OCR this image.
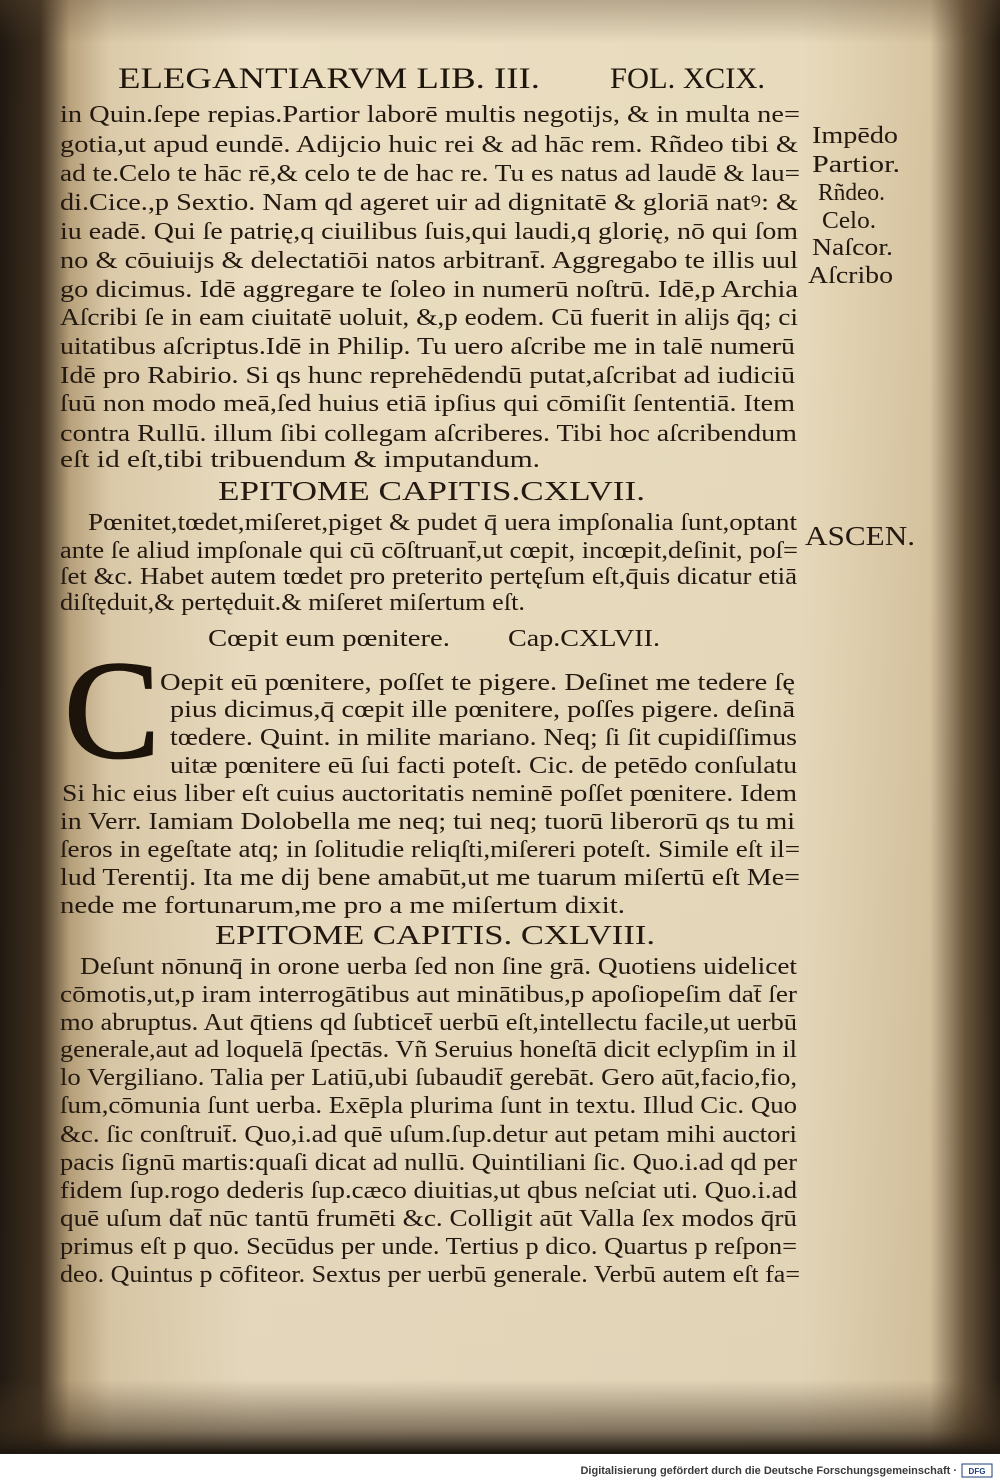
ELEGANTIARVM LIB. III. FOL. XCIX.
in Quin.ſepe repias.Partior laborē multis negotijs, & in multa ne=
gotia,ut apud eundē. Adijcio huic rei & ad hāc rem. Rñdeo tibi &
ad te.Celo te hāc rē,& celo te de hac re. Tu es natus ad laudē & lau=
di.Cice.,p Sextio. Nam qd ageret uir ad dignitatē & gloriā natꝰ: &
iu eadē. Qui ſe patrię,q ciuilibus ſuis,qui laudi,q glorię, nō qui ſom
no & cōuiuijs & delectatiōi natos arbitrant̄. Aggregabo te illis uul
go dicimus. Idē aggregare te ſoleo in numerū noſtrū. Idē,p Archia
Aſcribi ſe in eam ciuitatē uoluit, &,p eodem. Cū fuerit in alijs q̄q; ci
uitatibus aſcriptus.Idē in Philip. Tu uero aſcribe me in talē numerū
Idē pro Rabirio. Si qs hunc reprehēdendū putat,aſcribat ad iudiciū
ſuū non modo meā,ſed huius etiā ipſius qui cōmiſit ſententiā. Item
contra Rullū. illum ſibi collegam aſcriberes. Tibi hoc aſcribendum
eſt id eſt,tibi tribuendum & imputandum.
Impēdo
Partior.
Rñdeo.
Celo.
Naſcor.
Aſcribo
EPITOME CAPITIS.CXLVII.
Pœnitet,tœdet,miſeret,piget & pudet q̄ uera impſonalia ſunt,optant
ante ſe aliud impſonale qui cū cōſtruant̄,ut cœpit, incœpit,deſinit, poſ=
ſet &c. Habet autem tœdet pro preterito pertęſum eſt,q̄uis dicatur etiā
diſtęduit,& pertęduit.& miſeret miſertum eſt.
ASCEN.
Cœpit eum pœnitere. Cap.CXLVII.
C Oepit eū pœnitere, poſſet te pigere. Deſinet me tedere ſę
pius dicimus,q̄ cœpit ille pœnitere, poſſes pigere. deſinā
tœdere. Quint. in milite mariano. Neq; ſi ſit cupidiſſimus
uitæ pœnitere eū ſui facti poteſt. Cic. de petēdo conſulatu
Si hic eius liber eſt cuius auctoritatis neminē poſſet pœnitere. Idem
in Verr. Iamiam Dolobella me neq; tui neq; tuorū liberorū qs tu mi
ſeros in egeſtate atq; in ſolitudie reliqſti,miſereri poteſt. Simile eſt il=
lud Terentij. Ita me dij bene amabūt,ut me tuarum miſertū eſt Me=
nede me fortunarum,me pro a me miſertum dixit.
EPITOME CAPITIS. CXLVIII.
Deſunt nōnunq̄ in orone uerba ſed non ſine grā. Quotiens uidelicet
cōmotis,ut,p iram interrogātibus aut minātibus,p apoſiopeſim dat̄ ſer
mo abruptus. Aut q̄tiens qd ſubticet̄ uerbū eſt,intellectu facile,ut uerbū
generale,aut ad loquelā ſpectās. Vñ Seruius honeſtā dicit eclypſim in il
lo Vergiliano. Talia per Latiū,ubi ſubaudit̄ gerebāt. Gero aūt,facio,fio,
ſum,cōmunia ſunt uerba. Exēpla plurima ſunt in textu. Illud Cic. Quo
&c. ſic conſtruit̄. Quo,i.ad quē uſum.ſup.detur aut petam mihi auctori
pacis ſignū martis:quaſi dicat ad nullū. Quintiliani ſic. Quo.i.ad qd per
fidem ſup.rogo dederis ſup.cæco diuitias,ut qbus neſciat uti. Quo.i.ad
quē uſum dat̄ nūc tantū frumēti &c. Colligit aūt Valla ſex modos q̄rū
primus eſt p quo. Secūdus per unde. Tertius p dico. Quartus p reſpon=
deo. Quintus p cōfiteor. Sextus per uerbū generale. Verbū autem eſt fa=
Digitalisierung gefördert durch die Deutsche Forschungsgemeinschaft · DFG
